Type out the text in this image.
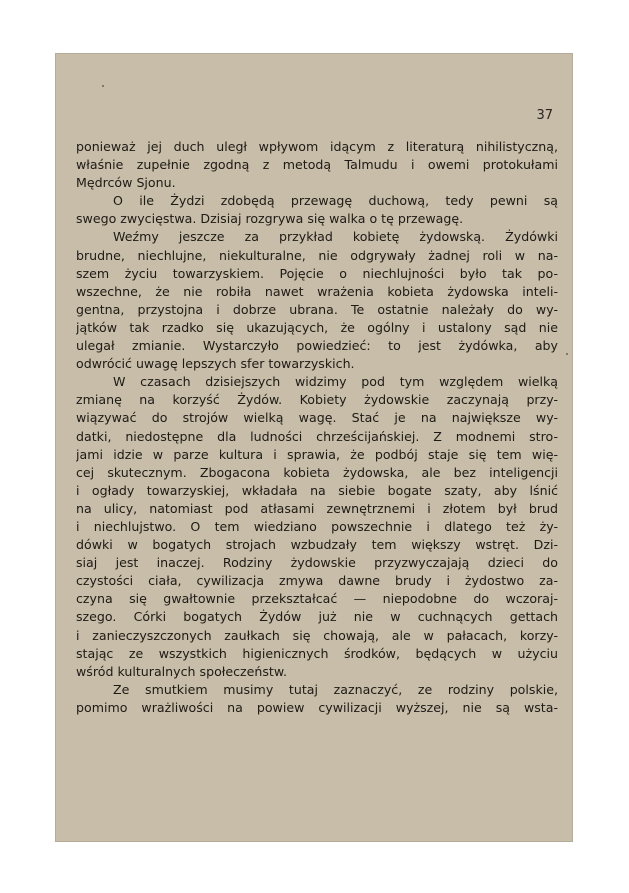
37
ponieważ jej duch uległ wpływom idącym z literaturą nihilistyczną,
właśnie zupełnie zgodną z metodą Talmudu i owemi protokułami
Mędrców Sjonu.
O ile Żydzi zdobędą przewagę duchową, tedy pewni są
swego zwycięstwa. Dzisiaj rozgrywa się walka o tę przewagę.
Weźmy jeszcze za przykład kobietę żydowską. Żydówki
brudne, niechlujne, niekulturalne, nie odgrywały żadnej roli w na-
szem życiu towarzyskiem. Pojęcie o niechlujności było tak po-
wszechne, że nie robiła nawet wrażenia kobieta żydowska inteli-
gentna, przystojna i dobrze ubrana. Te ostatnie należały do wy-
jątków tak rzadko się ukazujących, że ogólny i ustalony sąd nie
ulegał zmianie. Wystarczyło powiedzieć: to jest żydówka, aby
odwrócić uwagę lepszych sfer towarzyskich.
W czasach dzisiejszych widzimy pod tym względem wielką
zmianę na korzyść Żydów. Kobiety żydowskie zaczynają przy-
wiązywać do strojów wielką wagę. Stać je na największe wy-
datki, niedostępne dla ludności chrześcijańskiej. Z modnemi stro-
jami idzie w parze kultura i sprawia, że podbój staje się tem wię-
cej skutecznym. Zbogacona kobieta żydowska, ale bez inteligencji
i ogłady towarzyskiej, wkładała na siebie bogate szaty, aby lśnić
na ulicy, natomiast pod atłasami zewnętrznemi i złotem był brud
i niechlujstwo. O tem wiedziano powszechnie i dlatego też ży-
dówki w bogatych strojach wzbudzały tem większy wstręt. Dzi-
siaj jest inaczej. Rodziny żydowskie przyzwyczajają dzieci do
czystości ciała, cywilizacja zmywa dawne brudy i żydostwo za-
czyna się gwałtownie przekształcać — niepodobne do wczoraj-
szego. Córki bogatych Żydów już nie w cuchnących gettach
i zanieczyszczonych zaułkach się chowają, ale w pałacach, korzy-
stając ze wszystkich higienicznych środków, będących w użyciu
wśród kulturalnych społeczeństw.
Ze smutkiem musimy tutaj zaznaczyć, ze rodziny polskie,
pomimo wrażliwości na powiew cywilizacji wyższej, nie są wsta-
